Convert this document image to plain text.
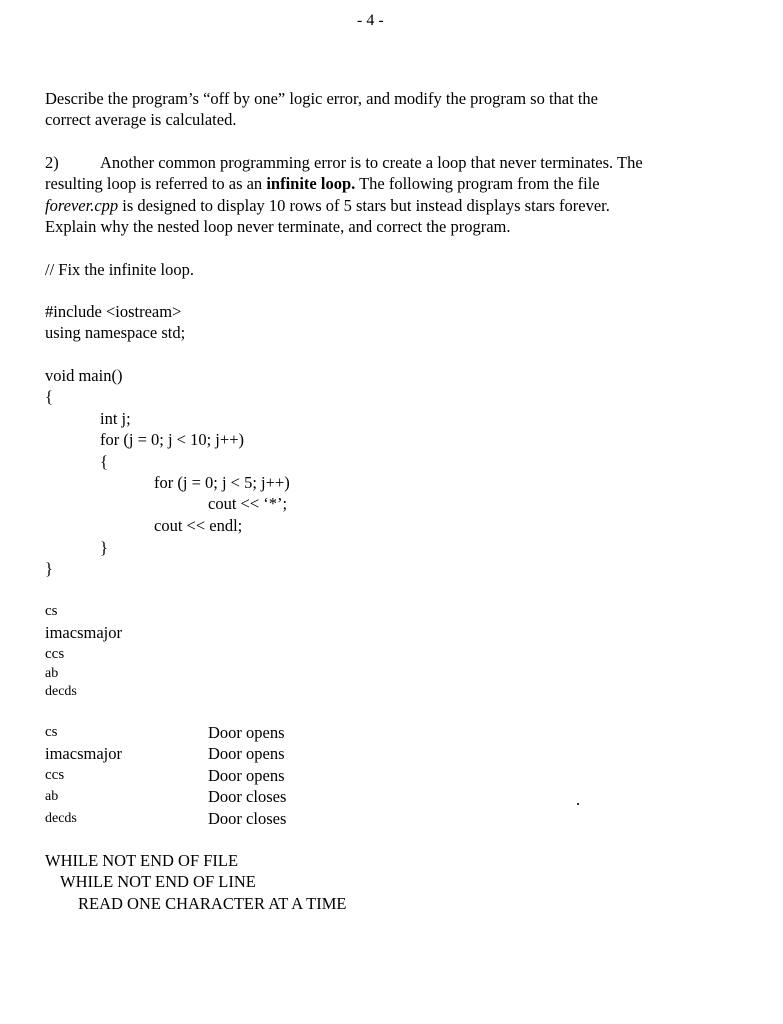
- 4 -
Describe the program’s “off by one” logic error, and modify the program so that the
correct average is calculated.
2)	Another common programming error is to create a loop that never terminates. The
resulting loop is referred to as an infinite loop. The following program from the file
forever.cpp is designed to display 10 rows of 5 stars but instead displays stars forever.
Explain why the nested loop never terminate, and correct the program.
// Fix the infinite loop.
#include <iostream>
using namespace std;
void main()
{
int j;
for (j = 0; j < 10; j++)
{
for (j = 0; j < 5; j++)
cout << ‘*’;
cout << endl;
}
}
cs
imacsmajor
ccs
ab
decds
cs
imacsmajor
ccs
ab
decds
Door opens
Door opens
Door opens
Door closes
Door closes
WHILE NOT END OF FILE
WHILE NOT END OF LINE
READ ONE CHARACTER AT A TIME
